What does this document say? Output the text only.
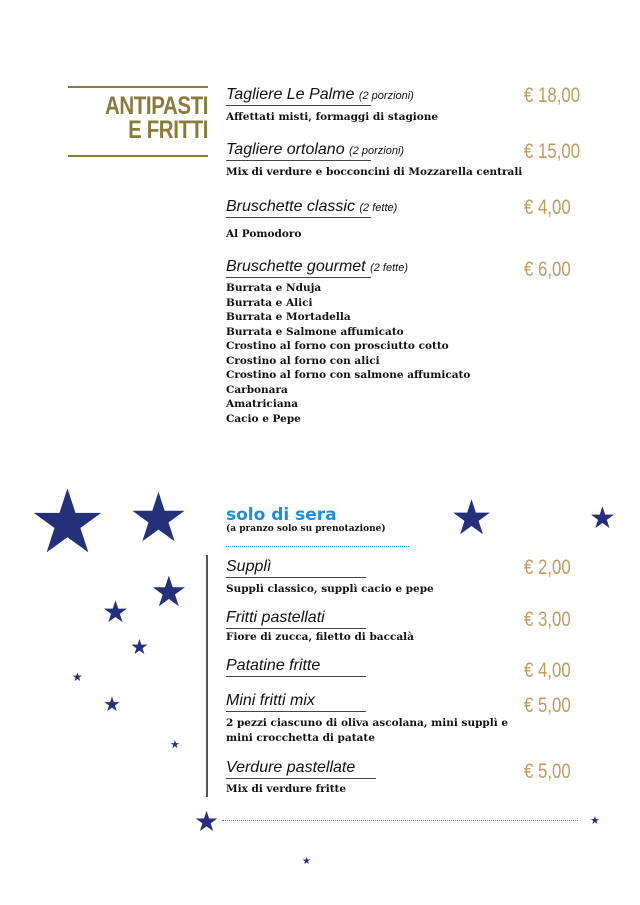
ANTIPASTI
E FRITTI
Tagliere Le Palme (2 porzioni)
Affettati misti, formaggi di stagione
€ 18,00
Tagliere ortolano (2 porzioni)
Mix di verdure e bocconcini di Mozzarella centrali
€ 15,00
Bruschette classic (2 fette)
Al Pomodoro
€ 4,00
Bruschette gourmet (2 fette)
Burrata e Nduja
Burrata e Alici
Burrata e Mortadella
Burrata e Salmone affumicato
Crostino al forno con prosciutto cotto
Crostino al forno con alici
Crostino al forno con salmone affumicato
Carbonara
Amatriciana
Cacio e Pepe
€ 6,00
solo di sera
(a pranzo solo su prenotazione)
Supplì
Supplì classico, supplì cacio e pepe
€ 2,00
Fritti pastellati
Fiore di zucca, filetto di baccalà
€ 3,00
Patatine fritte	€ 4,00
Mini fritti mix
2 pezzi ciascuno di oliva ascolana, mini supplì e
mini crocchetta di patate
€ 5,00
Verdure pastellate
Mix di verdure fritte
€ 5,00
★ ★	★	★
★
★
★
★
★
★
★	★
★
